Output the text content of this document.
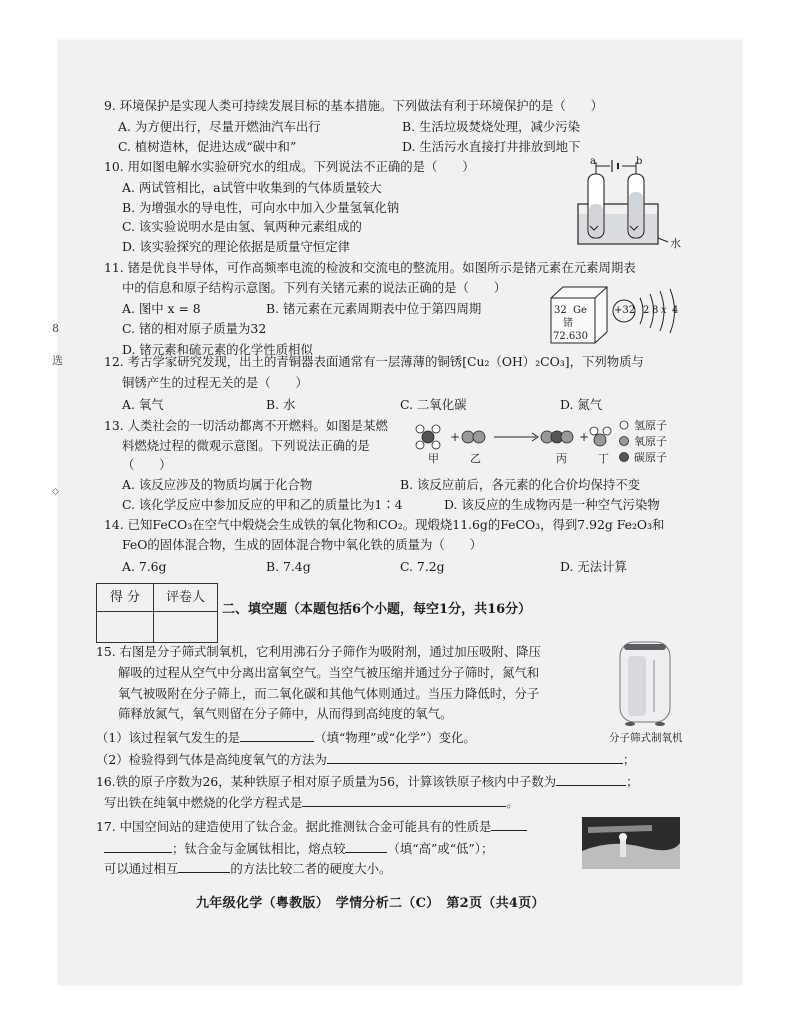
8
选
◇
9. 环境保护是实现人类可持续发展目标的基本措施。下列做法有利于环境保护的是（　　）
A. 为方便出行，尽量开燃油汽车出行	B. 生活垃圾焚烧处理，减少污染
C. 植树造林，促进达成“碳中和”	D. 生活污水直接打井排放到地下
10. 用如图电解水实验研究水的组成。下列说法不正确的是（　　）
A. 两试管相比，a试管中收集到的气体质量较大
B. 为增强水的导电性，可向水中加入少量氢氧化钠
C. 该实验说明水是由氢、氧两种元素组成的
D. 该实验探究的理论依据是质量守恒定律
a	b
水
11. 锗是优良半导体，可作高频率电流的检波和交流电的整流用。如图所示是锗元素在元素周期表
中的信息和原子结构示意图。下列有关锗元素的说法正确的是（　　）
A. 图中 x = 8	B. 锗元素在元素周期表中位于第四周期
C. 锗的相对原子质量为32
D. 锗元素和硫元素的化学性质相似
32 Ge
锗
72.630
+32 2 8 x 4
12. 考古学家研究发现，出土的青铜器表面通常有一层薄薄的铜锈[Cu₂（OH）₂CO₃]，下列物质与
铜锈产生的过程无关的是（　　）
A. 氧气	B. 水	C. 二氧化碳	D. 氮气
13. 人类社会的一切活动都离不开燃料。如图是某燃
料燃烧过程的微观示意图。下列说法正确的是
（　　）
+	+
甲	乙	丙	丁
氢原子
氧原子
碳原子
A. 该反应涉及的物质均属于化合物	B. 该反应前后，各元素的化合价均保持不变
C. 该化学反应中参加反应的甲和乙的质量比为1∶4	D. 该反应的生成物丙是一种空气污染物
14. 已知FeCO₃在空气中煅烧会生成铁的氧化物和CO₂。现煅烧11.6g的FeCO₃，得到7.92g Fe₂O₃和
FeO的固体混合物，生成的固体混合物中氧化铁的质量为（　　）
A. 7.6g	B. 7.4g	C. 7.2g	D. 无法计算
得 分	评卷人
二、填空题（本题包括6个小题，每空1分，共16分）
15. 右图是分子筛式制氧机，它利用沸石分子筛作为吸附剂，通过加压吸附、降压
解吸的过程从空气中分离出富氧空气。当空气被压缩并通过分子筛时，氮气和
氧气被吸附在分子筛上，而二氧化碳和其他气体则通过。当压力降低时，分子
筛释放氮气，氧气则留在分子筛中，从而得到高纯度的氧气。
（1）该过程氧气发生的是	（填“物理”或“化学”）变化。
（2）检验得到气体是高纯度氧气的方法为	；
分子筛式制氧机
16.铁的原子序数为26，某种铁原子相对原子质量为56，计算该铁原子核内中子数为	；
写出铁在纯氧中燃烧的化学方程式是	。
17. 中国空间站的建造使用了钛合金。据此推测钛合金可能具有的性质是
；钛合金与金属钛相比，熔点较	（填“高”或“低”）；
可以通过相互	的方法比较二者的硬度大小。
九年级化学（粤教版）　学情分析二（C）　第2页（共4页）
